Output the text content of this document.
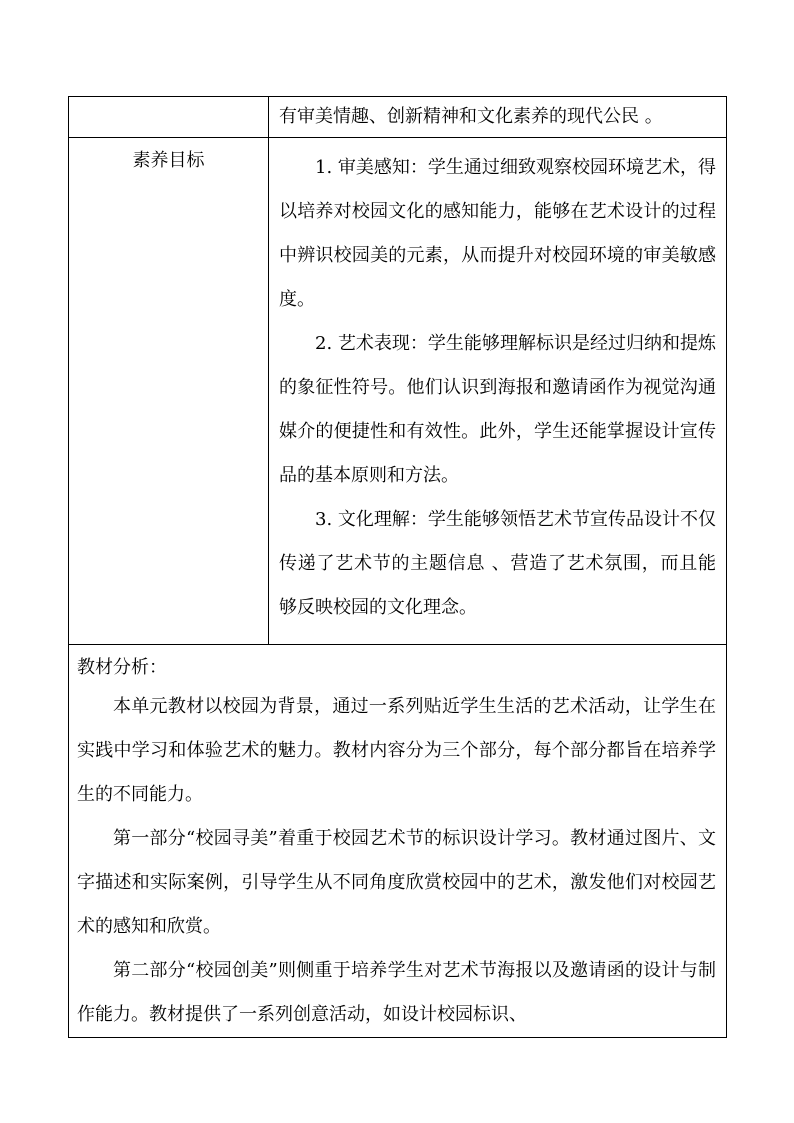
	有审美情趣、创新精神和文化素养的现代公民 。
素养目标	1. 审美感知：学生通过细致观察校园环境艺术，得以培养对校园文化的感知能力，能够在艺术设计的过程中辨识校园美的元素，从而提升对校园环境的审美敏感度。

2. 艺术表现：学生能够理解标识是经过归纳和提炼的象征性符号。他们认识到海报和邀请函作为视觉沟通媒介的便捷性和有效性。此外，学生还能掌握设计宣传品的基本原则和方法。

3. 文化理解：学生能够领悟艺术节宣传品设计不仅传递了艺术节的主题信息 、营造了艺术氛围，而且能够反映校园的文化理念。

教材分析：

本单元教材以校园为背景，通过一系列贴近学生生活的艺术活动，让学生在实践中学习和体验艺术的魅力。教材内容分为三个部分，每个部分都旨在培养学生的不同能力。

第一部分“校园寻美”着重于校园艺术节的标识设计学习。教材通过图片、文字描述和实际案例，引导学生从不同角度欣赏校园中的艺术，激发他们对校园艺术的感知和欣赏。

第二部分“校园创美”则侧重于培养学生对艺术节海报以及邀请函的设计与制作能力。教材提供了一系列创意活动，如设计校园标识、	
